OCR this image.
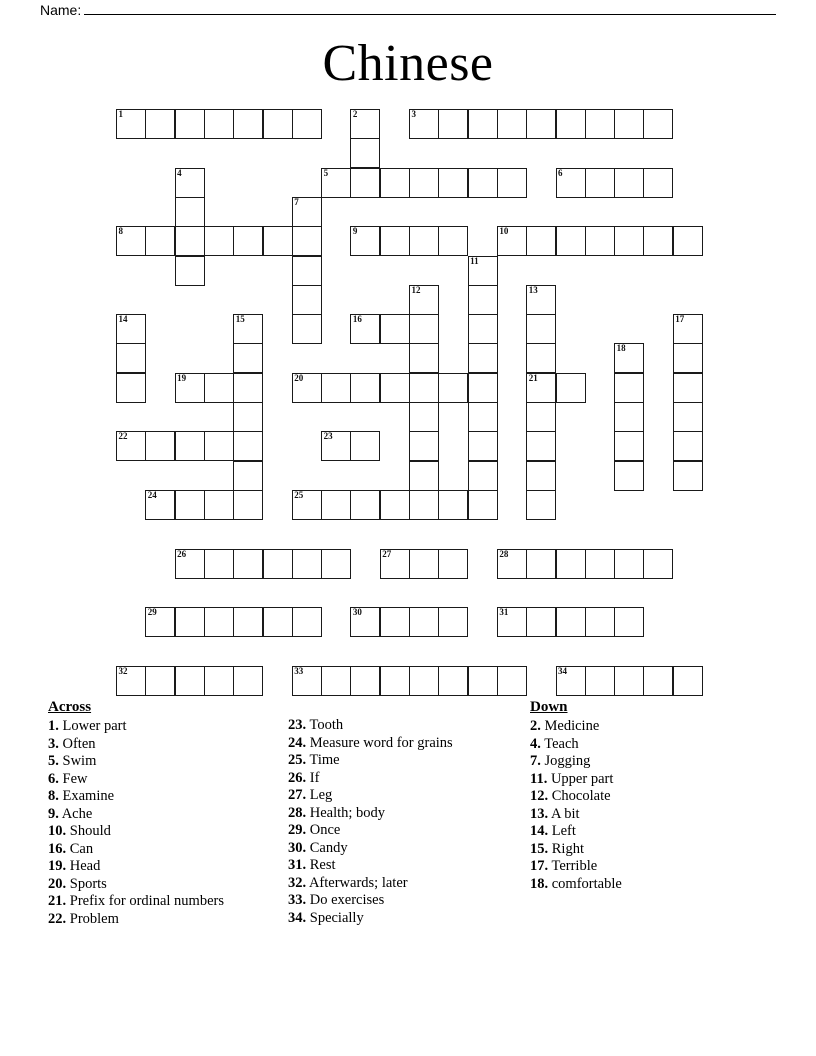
Name:
Chinese
1	2	3
4	5	6
7
8	9	10
11
12	13
21
14	15	16	17
18
19	20
22	23
24	25
26	27	28
29	30	31
32	33	34
Across
1. Lower part
3. Often
5. Swim
6. Few
8. Examine
9. Ache
10. Should
16. Can
19. Head
20. Sports
21. Prefix for ordinal numbers
22. Problem
23. Tooth
24. Measure word for grains
25. Time
26. If
27. Leg
28. Health; body
29. Once
30. Candy
31. Rest
32. Afterwards; later
33. Do exercises
34. Specially
Down
2. Medicine
4. Teach
7. Jogging
11. Upper part
12. Chocolate
13. A bit
14. Left
15. Right
17. Terrible
18. comfortable
